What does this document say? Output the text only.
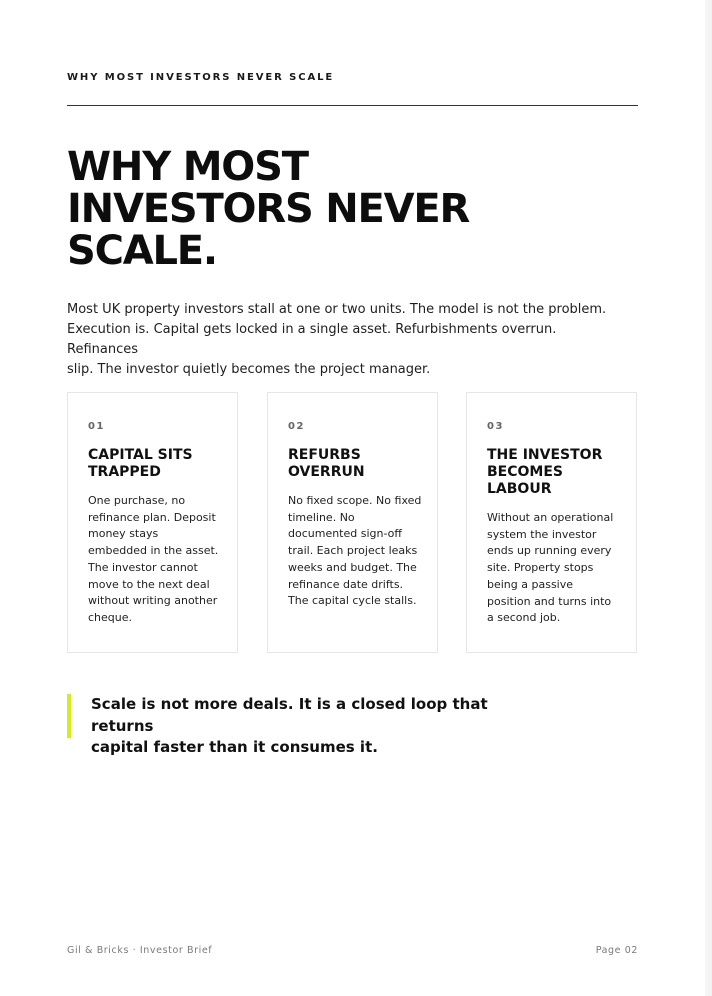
WHY MOST INVESTORS NEVER SCALE
WHY MOST
INVESTORS NEVER
SCALE.

Most UK property investors stall at one or two units. The model is not the problem.
Execution is. Capital gets locked in a single asset. Refurbishments overrun. Refinances
slip. The investor quietly becomes the project manager.

01
CAPITAL SITS
TRAPPED

One purchase, no
refinance plan. Deposit
money stays
embedded in the asset.
The investor cannot
move to the next deal
without writing another
cheque.

02
REFURBS
OVERRUN

No fixed scope. No fixed
timeline. No
documented sign-off
trail. Each project leaks
weeks and budget. The
refinance date drifts.
The capital cycle stalls.

03
THE INVESTOR
BECOMES
LABOUR

Without an operational
system the investor
ends up running every
site. Property stops
being a passive
position and turns into
a second job.

Scale is not more deals. It is a closed loop that returns
capital faster than it consumes it.

Gil & Bricks · Investor Brief	Page 02
